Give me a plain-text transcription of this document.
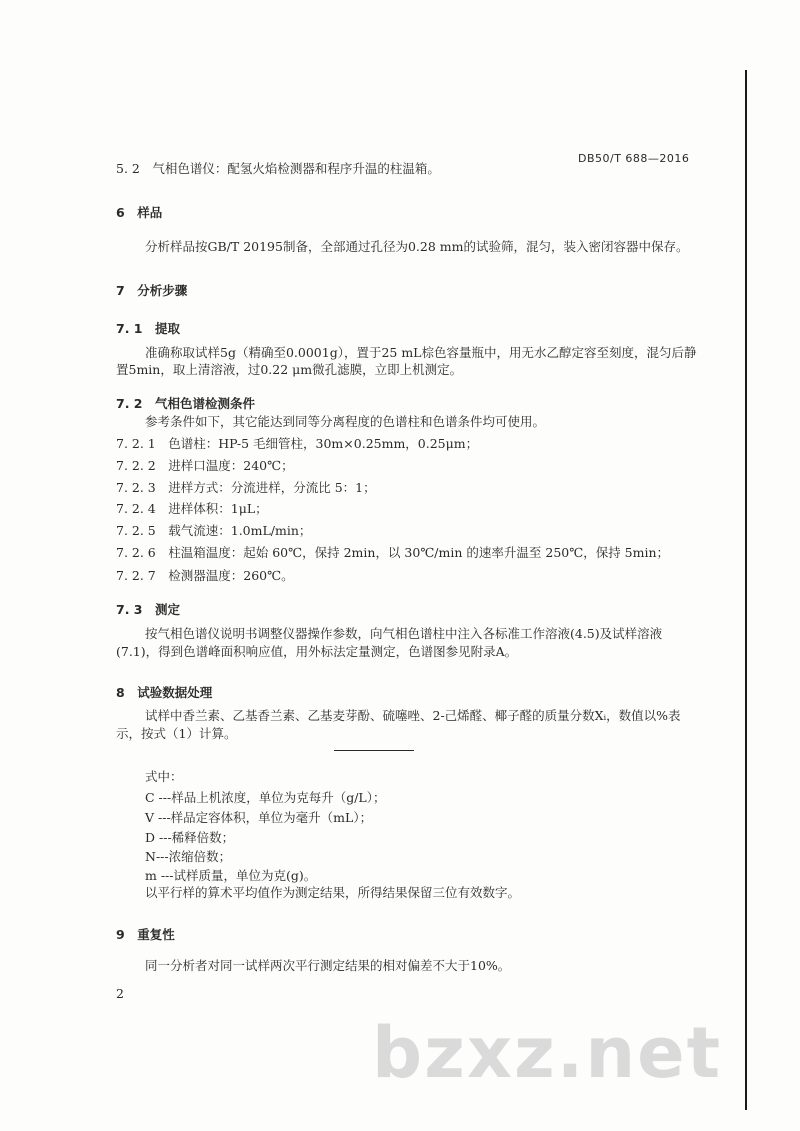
DB50/T 688—2016
5. 2　气相色谱仪：配氢火焰检测器和程序升温的柱温箱。
6　样品
分析样品按GB/T 20195制备，全部通过孔径为0.28 mm的试验筛，混匀，装入密闭容器中保存。
7　分析步骤
7. 1　提取
准确称取试样5g（精确至0.0001g），置于25 mL棕色容量瓶中，用无水乙醇定容至刻度，混匀后静
置5min，取上清溶液，过0.22 μm微孔滤膜，立即上机测定。
7. 2　气相色谱检测条件
参考条件如下，其它能达到同等分离程度的色谱柱和色谱条件均可使用。
7. 2. 1　色谱柱：HP-5 毛细管柱，30m×0.25mm，0.25μm；
7. 2. 2　进样口温度：240℃；
7. 2. 3　进样方式：分流进样，分流比 5：1；
7. 2. 4　进样体积：1μL；
7. 2. 5　载气流速：1.0mL/min；
7. 2. 6　柱温箱温度：起始 60℃，保持 2min，以 30℃/min 的速率升温至 250℃，保持 5min；
7. 2. 7　检测器温度：260℃。
7. 3　测定
按气相色谱仪说明书调整仪器操作参数，向气相色谱柱中注入各标准工作溶液(4.5)及试样溶液
(7.1)，得到色谱峰面积响应值，用外标法定量测定，色谱图参见附录A。
8　试验数据处理
试样中香兰素、乙基香兰素、乙基麦芽酚、硫噻唑、2-己烯醛、椰子醛的质量分数Xᵢ，数值以%表
示，按式（1）计算。
式中：
C ---样品上机浓度，单位为克每升（g/L）；
V ---样品定容体积，单位为毫升（mL）；
D ---稀释倍数；
N---浓缩倍数；
m ---试样质量，单位为克(g)。
以平行样的算术平均值作为测定结果，所得结果保留三位有效数字。
9　重复性
同一分析者对同一试样两次平行测定结果的相对偏差不大于10%。
2
bzxz.net
